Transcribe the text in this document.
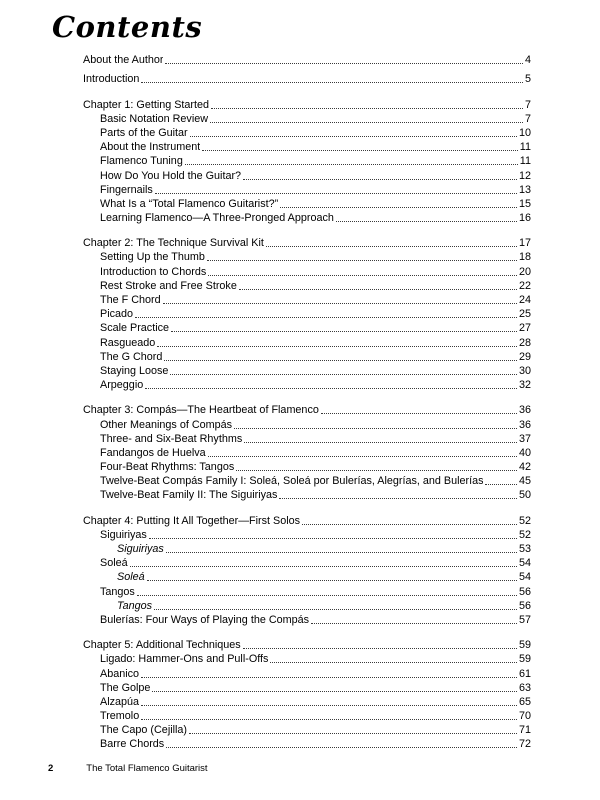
Contents
About the Author	4
Introduction	5
Chapter 1: Getting Started	7
Basic Notation Review	7
Parts of the Guitar	10
About the Instrument	11
Flamenco Tuning	11
How Do You Hold the Guitar?	12
Fingernails	13
What Is a “Total Flamenco Guitarist?”	15
Learning Flamenco—A Three-Pronged Approach	16
Chapter 2: The Technique Survival Kit	17
Setting Up the Thumb	18
Introduction to Chords	20
Rest Stroke and Free Stroke	22
The F Chord	24
Picado	25
Scale Practice	27
Rasgueado	28
The G Chord	29
Staying Loose	30
Arpeggio	32
Chapter 3: Compás—The Heartbeat of Flamenco	36
Other Meanings of Compás	36
Three- and Six-Beat Rhythms	37
Fandangos de Huelva	40
Four-Beat Rhythms: Tangos	42
Twelve-Beat Compás Family I: Soleá, Soleá por Bulerías, Alegrías, and Bulerías	45
Twelve-Beat Family II: The Siguiriyas	50
Chapter 4: Putting It All Together—First Solos	52
Siguiriyas	52
Siguiriyas	53
Soleá	54
Soleá	54
Tangos	56
Tangos	56
Bulerías: Four Ways of Playing the Compás	57
Chapter 5: Additional Techniques	59
Ligado: Hammer-Ons and Pull-Offs	59
Abanico	61
The Golpe	63
Alzapúa	65
Tremolo	70
The Capo (Cejilla)	71
Barre Chords	72
2	The Total Flamenco Guitarist
